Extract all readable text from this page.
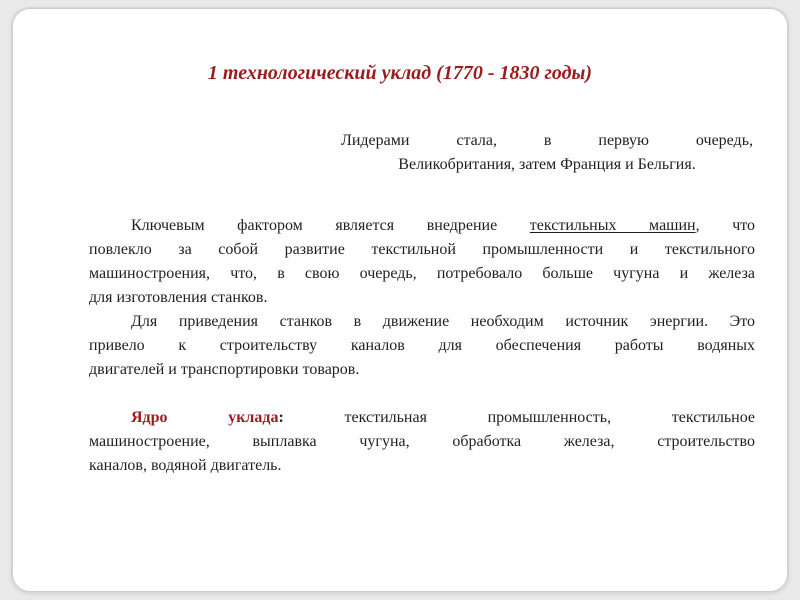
1 технологический уклад (1770 - 1830 годы)
Лидерами стала, в первую очередь,
Великобритания, затем Франция и Бельгия.
Ключевым фактором является внедрение текстильных машин, что
повлекло за собой развитие текстильной промышленности и текстильного
машиностроения, что, в свою очередь, потребовало больше чугуна и железа
для изготовления станков.
Для приведения станков в движение необходим источник энергии. Это
привело к строительству каналов для обеспечения работы водяных
двигателей и транспортировки товаров.
Ядро уклада: текстильная промышленность, текстильное
машиностроение, выплавка чугуна, обработка железа, строительство
каналов, водяной двигатель.
